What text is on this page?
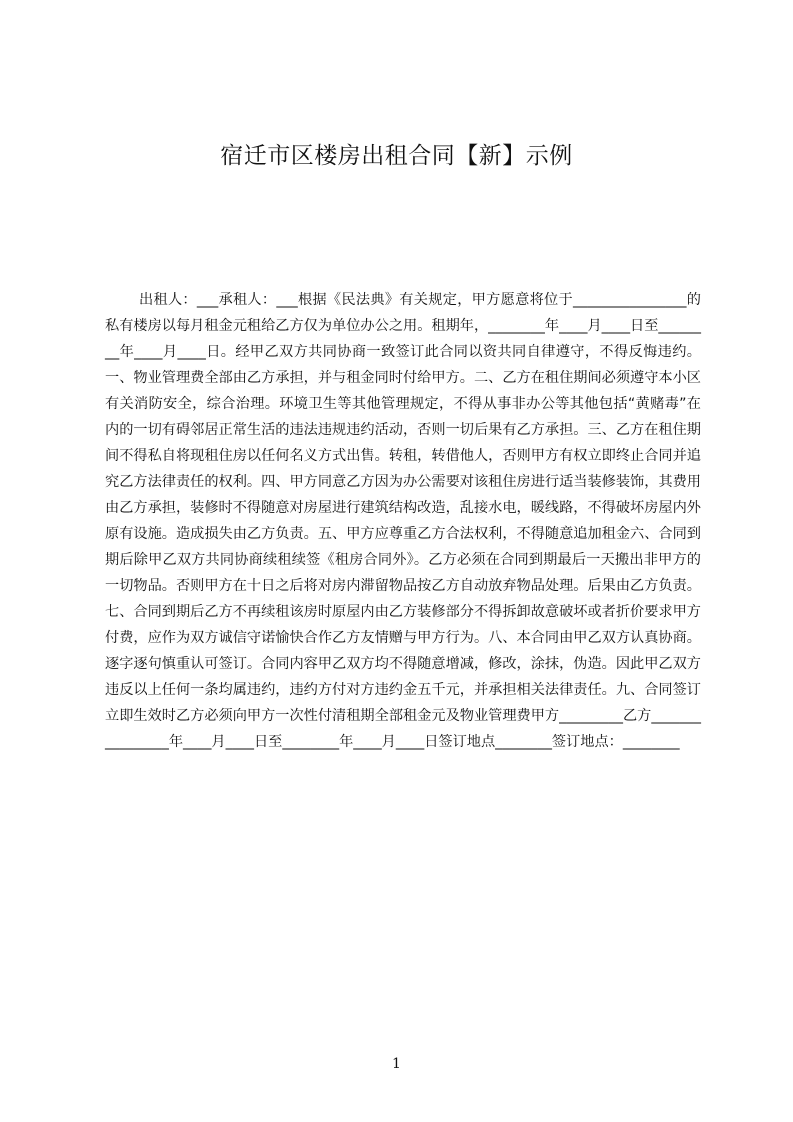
宿迁市区楼房出租合同【新】示例

出租人：___承租人：___根据《民法典》有关规定，甲方愿意将位于________________的私有楼房以每月租金元租给乙方仅为单位办公之用。租期年，________年____月____日至________年____月____日。经甲乙双方共同协商一致签订此合同以资共同自律遵守，不得反悔违约。一、物业管理费全部由乙方承担，并与租金同时付给甲方。二、乙方在租住期间必须遵守本小区有关消防安全，综合治理。环境卫生等其他管理规定，不得从事非办公等其他包括“黄赌毒”在内的一切有碍邻居正常生活的违法违规违约活动，否则一切后果有乙方承担。三、乙方在租住期间不得私自将现租住房以任何名义方式出售。转租，转借他人，否则甲方有权立即终止合同并追究乙方法律责任的权利。四、甲方同意乙方因为办公需要对该租住房进行适当装修装饰，其费用由乙方承担，装修时不得随意对房屋进行建筑结构改造，乱接水电，暖线路，不得破坏房屋内外原有设施。造成损失由乙方负责。五、甲方应尊重乙方合法权利，不得随意追加租金六、合同到期后除甲乙双方共同协商续租续签《租房合同外》。乙方必须在合同到期最后一天搬出非甲方的一切物品。否则甲方在十日之后将对房内滞留物品按乙方自动放弃物品处理。后果由乙方负责。七、合同到期后乙方不再续租该房时原屋内由乙方装修部分不得拆卸故意破坏或者折价要求甲方付费，应作为双方诚信守诺愉快合作乙方友情赠与甲方行为。八、本合同由甲乙双方认真协商。逐字逐句慎重认可签订。合同内容甲乙双方均不得随意增减，修改，涂抹，伪造。因此甲乙双方违反以上任何一条均属违约，违约方付对方违约金五千元，并承担相关法律责任。九、合同签订立即生效时乙方必须向甲方一次性付清租期全部租金元及物业管理费甲方_________乙方________________年____月____日至________年____月____日签订地点________签订地点：________

1
